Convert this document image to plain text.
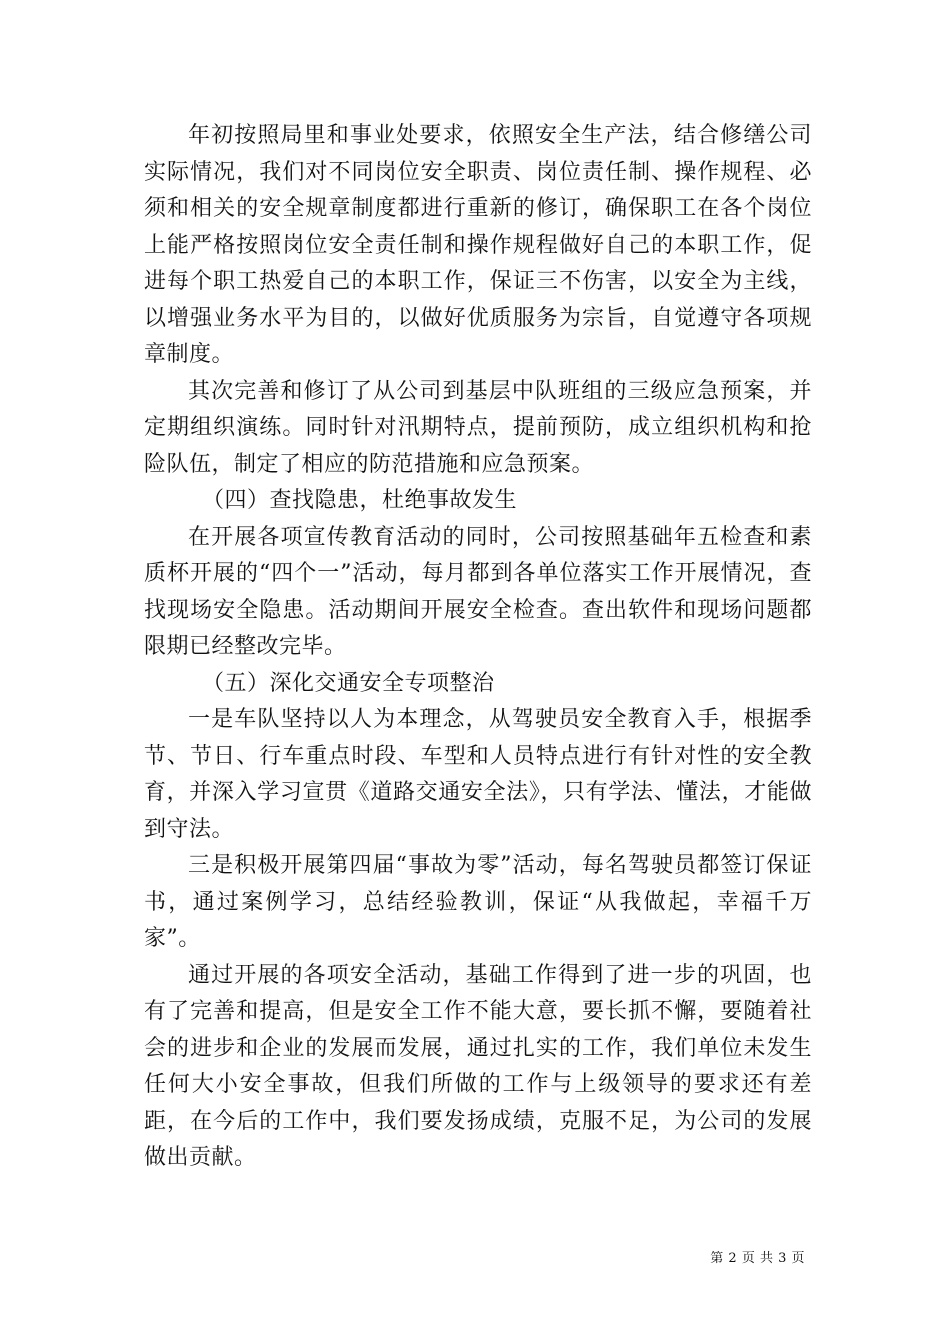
年初按照局里和事业处要求，依照安全生产法，结合修缮公司实际情况，我们对不同岗位安全职责、岗位责任制、操作规程、必须和相关的安全规章制度都进行重新的修订，确保职工在各个岗位上能严格按照岗位安全责任制和操作规程做好自己的本职工作，促进每个职工热爱自己的本职工作，保证三不伤害，以安全为主线，以增强业务水平为目的，以做好优质服务为宗旨，自觉遵守各项规章制度。

其次完善和修订了从公司到基层中队班组的三级应急预案，并定期组织演练。同时针对汛期特点，提前预防，成立组织机构和抢险队伍，制定了相应的防范措施和应急预案。

（四）查找隐患，杜绝事故发生

在开展各项宣传教育活动的同时，公司按照基础年五检查和素质杯开展的“四个一”活动，每月都到各单位落实工作开展情况，查找现场安全隐患。活动期间开展安全检查。查出软件和现场问题都限期已经整改完毕。

（五）深化交通安全专项整治

一是车队坚持以人为本理念，从驾驶员安全教育入手，根据季节、节日、行车重点时段、车型和人员特点进行有针对性的安全教育，并深入学习宣贯《道路交通安全法》，只有学法、懂法，才能做到守法。

三是积极开展第四届“事故为零”活动，每名驾驶员都签订保证书，通过案例学习，总结经验教训，保证“从我做起，幸福千万家”。

通过开展的各项安全活动，基础工作得到了进一步的巩固，也有了完善和提高，但是安全工作不能大意，要长抓不懈，要随着社会的进步和企业的发展而发展，通过扎实的工作，我们单位未发生任何大小安全事故，但我们所做的工作与上级领导的要求还有差距，在今后的工作中，我们要发扬成绩，克服不足，为公司的发展做出贡献。

第 2 页 共 3 页
